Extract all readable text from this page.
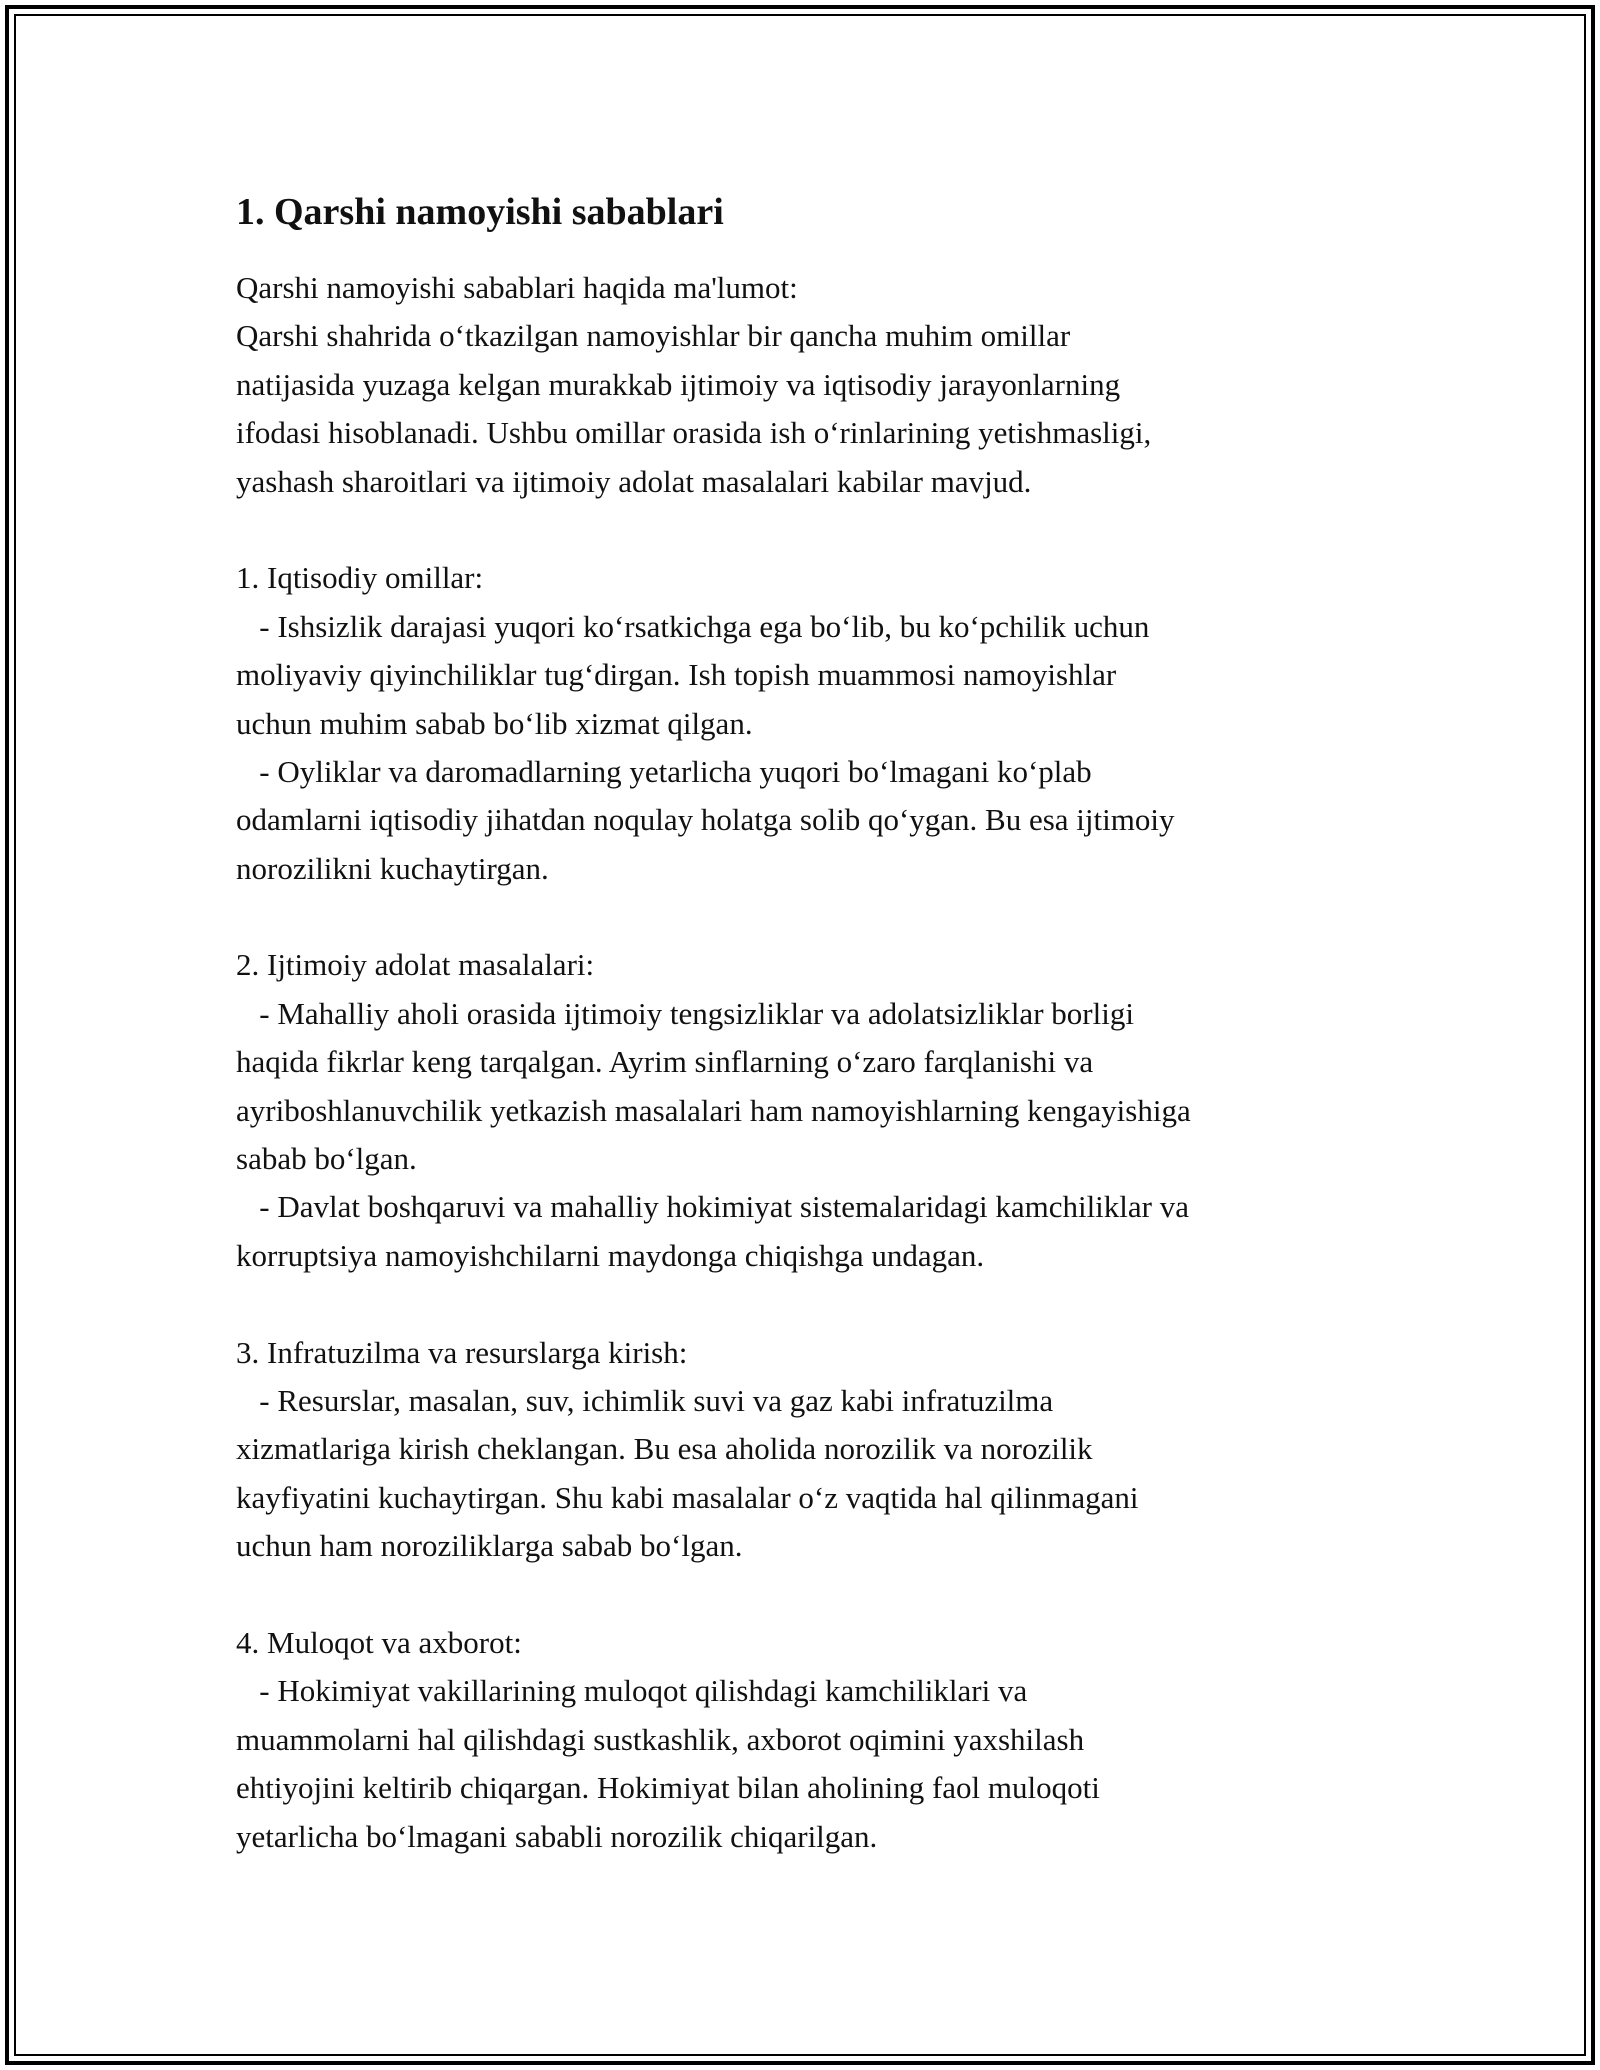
1. Qarshi namoyishi sabablari
Qarshi namoyishi sabablari haqida ma'lumot:
Qarshi shahrida o‘tkazilgan namoyishlar bir qancha muhim omillar
natijasida yuzaga kelgan murakkab ijtimoiy va iqtisodiy jarayonlarning
ifodasi hisoblanadi. Ushbu omillar orasida ish o‘rinlarining yetishmasligi,
yashash sharoitlari va ijtimoiy adolat masalalari kabilar mavjud.
1. Iqtisodiy omillar:
- Ishsizlik darajasi yuqori ko‘rsatkichga ega bo‘lib, bu ko‘pchilik uchun
moliyaviy qiyinchiliklar tug‘dirgan. Ish topish muammosi namoyishlar
uchun muhim sabab bo‘lib xizmat qilgan.
- Oyliklar va daromadlarning yetarlicha yuqori bo‘lmagani ko‘plab
odamlarni iqtisodiy jihatdan noqulay holatga solib qo‘ygan. Bu esa ijtimoiy
norozilikni kuchaytirgan.
2. Ijtimoiy adolat masalalari:
- Mahalliy aholi orasida ijtimoiy tengsizliklar va adolatsizliklar borligi
haqida fikrlar keng tarqalgan. Ayrim sinflarning o‘zaro farqlanishi va
ayriboshlanuvchilik yetkazish masalalari ham namoyishlarning kengayishiga
sabab bo‘lgan.
- Davlat boshqaruvi va mahalliy hokimiyat sistemalaridagi kamchiliklar va
korruptsiya namoyishchilarni maydonga chiqishga undagan.
3. Infratuzilma va resurslarga kirish:
- Resurslar, masalan, suv, ichimlik suvi va gaz kabi infratuzilma
xizmatlariga kirish cheklangan. Bu esa aholida norozilik va norozilik
kayfiyatini kuchaytirgan. Shu kabi masalalar o‘z vaqtida hal qilinmagani
uchun ham noroziliklarga sabab bo‘lgan.
4. Muloqot va axborot:
- Hokimiyat vakillarining muloqot qilishdagi kamchiliklari va
muammolarni hal qilishdagi sustkashlik, axborot oqimini yaxshilash
ehtiyojini keltirib chiqargan. Hokimiyat bilan aholining faol muloqoti
yetarlicha bo‘lmagani sababli norozilik chiqarilgan.
